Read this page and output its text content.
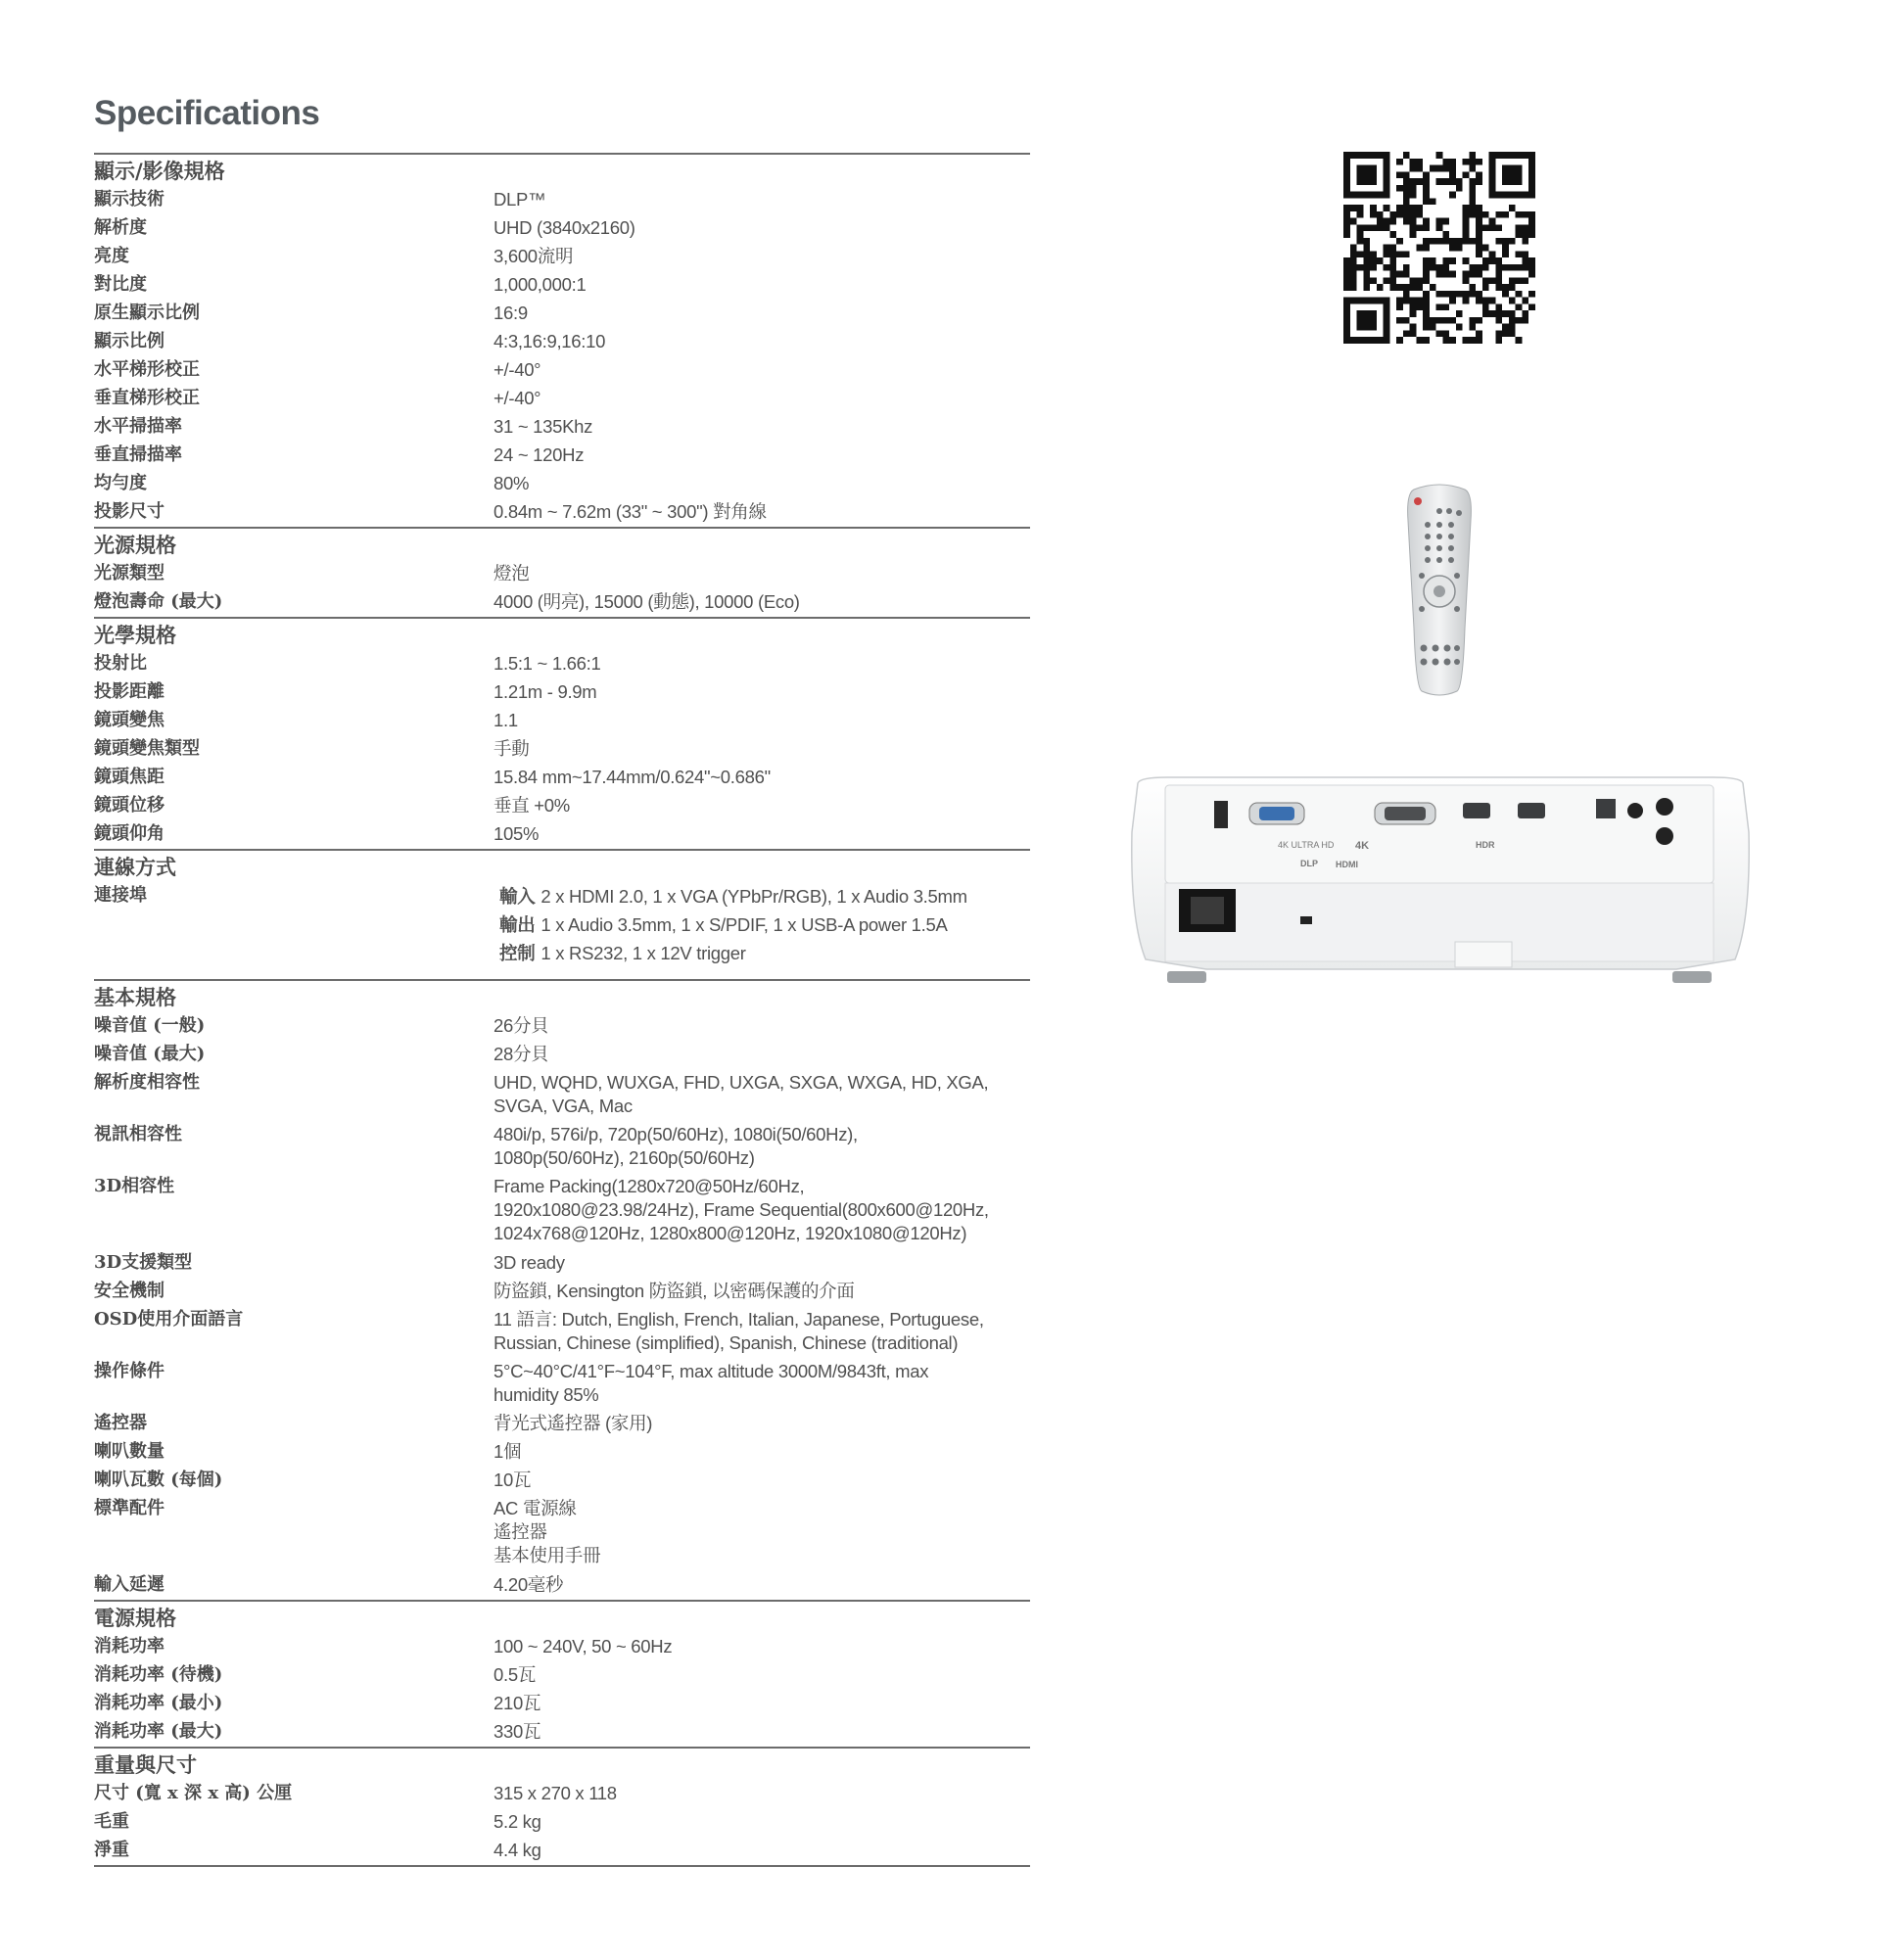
Specifications
顯示/影像規格
顯示技術	DLP™
解析度	UHD (3840x2160)
亮度	3,600流明
對比度	1,000,000:1
原生顯示比例	16:9
顯示比例	4:3,16:9,16:10
水平梯形校正	+/-40°
垂直梯形校正	+/-40°
水平掃描率	31 ~ 135Khz
垂直掃描率	24 ~ 120Hz
均勻度	80%
投影尺寸	0.84m ~ 7.62m (33" ~ 300") 對角線
光源規格
光源類型	燈泡
燈泡壽命 (最大)	4000 (明亮), 15000 (動態), 10000 (Eco)
光學規格
投射比	1.5:1 ~ 1.66:1
投影距離	1.21m - 9.9m
鏡頭變焦	1.1
鏡頭變焦類型	手動
鏡頭焦距	15.84 mm~17.44mm/0.624"~0.686"
鏡頭位移	垂直 +0%
鏡頭仰角	105%
連線方式
連接埠	輸入 2 x HDMI 2.0, 1 x VGA (YPbPr/RGB), 1 x Audio 3.5mm
輸出 1 x Audio 3.5mm, 1 x S/PDIF, 1 x USB-A power 1.5A
控制 1 x RS232, 1 x 12V trigger
基本規格
噪音值 (一般)	26分貝
噪音值 (最大)	28分貝
解析度相容性	UHD, WQHD, WUXGA, FHD, UXGA, SXGA, WXGA, HD, XGA,
SVGA, VGA, Mac
視訊相容性	480i/p, 576i/p, 720p(50/60Hz), 1080i(50/60Hz),
1080p(50/60Hz), 2160p(50/60Hz)
3D相容性	Frame Packing(1280x720@50Hz/60Hz,
1920x1080@23.98/24Hz), Frame Sequential(800x600@120Hz,
1024x768@120Hz, 1280x800@120Hz, 1920x1080@120Hz)
3D支援類型	3D ready
安全機制	防盜鎖, Kensington 防盜鎖, 以密碼保護的介面
OSD使用介面語言	11 語言: Dutch, English, French, Italian, Japanese, Portuguese,
Russian, Chinese (simplified), Spanish, Chinese (traditional)
操作條件	5°C~40°C/41°F~104°F, max altitude 3000M/9843ft, max
humidity 85%
遙控器	背光式遙控器 (家用)
喇叭數量	1個
喇叭瓦數 (每個)	10瓦
標準配件	AC 電源線
遙控器
基本使用手冊
輸入延遲	4.20毫秒
電源規格
消耗功率	100 ~ 240V, 50 ~ 60Hz
消耗功率 (待機)	0.5瓦
消耗功率 (最小)	210瓦
消耗功率 (最大)	330瓦
重量與尺寸
尺寸 (寬 x 深 x 高) 公厘	315 x 270 x 118
毛重	5.2 kg
淨重	4.4 kg
4K ULTRA HD 4K	HDR
DLP HDMI
